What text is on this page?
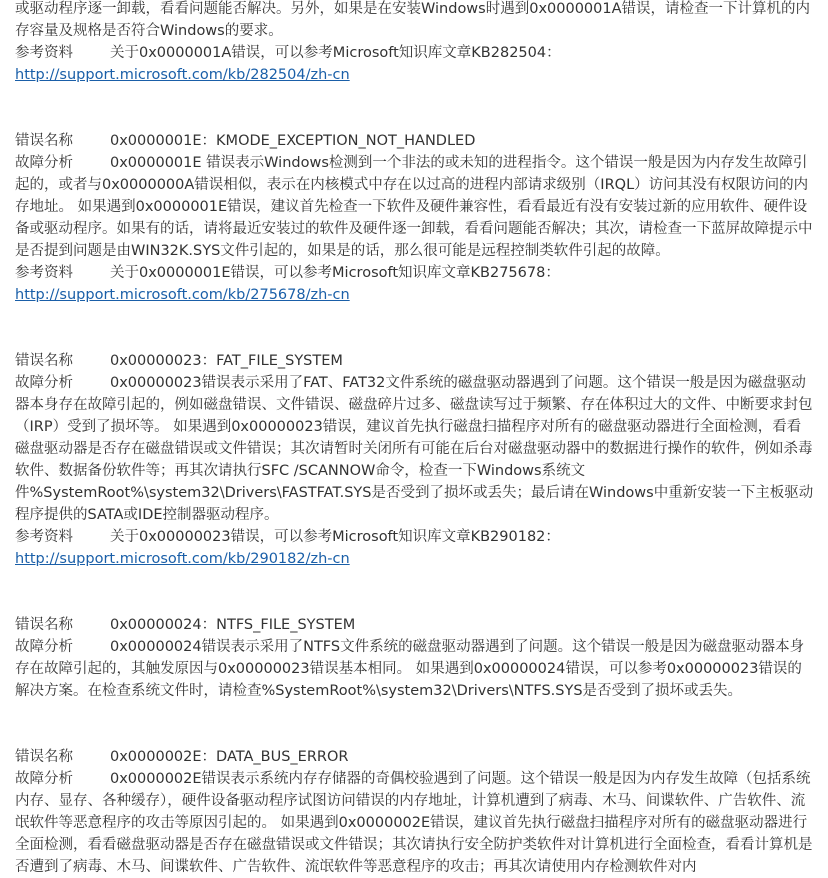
或驱动程序逐一卸载，看看问题能否解决。另外，如果是在安装Windows时遇到0x0000001A错误，请检查一下计算机的内存容量及规格是否符合Windows的要求。

参考资料	关于0x0000001A错误，可以参考Microsoft知识库文章KB282504：

http://support.microsoft.com/kb/282504/zh-cn

错误名称	0x0000001E：KMODE_EXCEPTION_NOT_HANDLED

故障分析	0x0000001E 错误表示Windows检测到一个非法的或未知的进程指令。这个错误一般是因为内存发生故障引起的，或者与0x0000000A错误相似，表示在内核模式中存在以过高的进程内部请求级别（IRQL）访问其没有权限访问的内存地址。 如果遇到0x0000001E错误，建议首先检查一下软件及硬件兼容性，看看最近有没有安装过新的应用软件、硬件设备或驱动程序。如果有的话，请将最近安装过的软件及硬件逐一卸载，看看问题能否解决；其次，请检查一下蓝屏故障提示中是否提到问题是由WIN32K.SYS文件引起的，如果是的话，那么很可能是远程控制类软件引起的故障。

参考资料	关于0x0000001E错误，可以参考Microsoft知识库文章KB275678：

http://support.microsoft.com/kb/275678/zh-cn

错误名称	0x00000023：FAT_FILE_SYSTEM

故障分析	0x00000023错误表示采用了FAT、FAT32文件系统的磁盘驱动器遇到了问题。这个错误一般是因为磁盘驱动器本身存在故障引起的，例如磁盘错误、文件错误、磁盘碎片过多、磁盘读写过于频繁、存在体积过大的文件、中断要求封包（IRP）受到了损坏等。 如果遇到0x00000023错误，建议首先执行磁盘扫描程序对所有的磁盘驱动器进行全面检测，看看磁盘驱动器是否存在磁盘错误或文件错误；其次请暂时关闭所有可能在后台对磁盘驱动器中的数据进行操作的软件，例如杀毒软件、数据备份软件等；再其次请执行SFC /SCANNOW命令，检查一下Windows系统文件%SystemRoot%\system32\Drivers\FASTFAT.SYS是否受到了损坏或丢失；最后请在Windows中重新安装一下主板驱动程序提供的SATA或IDE控制器驱动程序。

参考资料	关于0x00000023错误，可以参考Microsoft知识库文章KB290182：

http://support.microsoft.com/kb/290182/zh-cn

错误名称	0x00000024：NTFS_FILE_SYSTEM

故障分析	0x00000024错误表示采用了NTFS文件系统的磁盘驱动器遇到了问题。这个错误一般是因为磁盘驱动器本身存在故障引起的，其触发原因与0x00000023错误基本相同。 如果遇到0x00000024错误，可以参考0x00000023错误的解决方案。在检查系统文件时，请检查%SystemRoot%\system32\Drivers\NTFS.SYS是否受到了损坏或丢失。

错误名称	0x0000002E：DATA_BUS_ERROR

故障分析	0x0000002E错误表示系统内存存储器的奇偶校验遇到了问题。这个错误一般是因为内存发生故障（包括系统内存、显存、各种缓存），硬件设备驱动程序试图访问错误的内存地址，计算机遭到了病毒、木马、间谍软件、广告软件、流氓软件等恶意程序的攻击等原因引起的。 如果遇到0x0000002E错误，建议首先执行磁盘扫描程序对所有的磁盘驱动器进行全面检测，看看磁盘驱动器是否存在磁盘错误或文件错误；其次请执行安全防护类软件对计算机进行全面检查，看看计算机是否遭到了病毒、木马、间谍软件、广告软件、流氓软件等恶意程序的攻击；再其次请使用内存检测软件对内
